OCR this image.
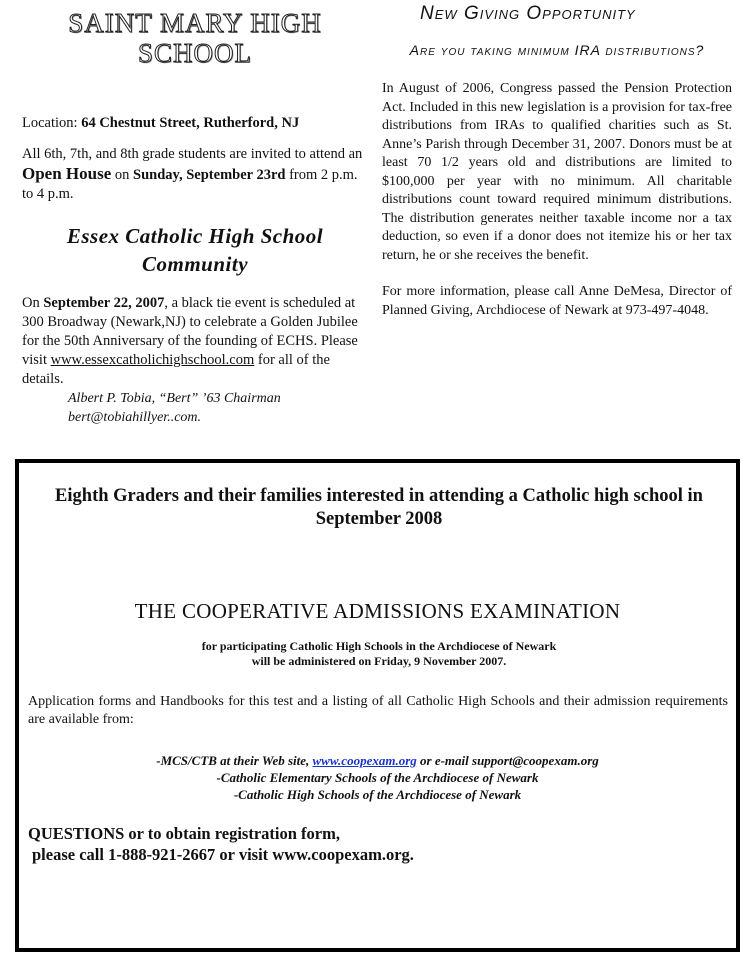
SAINT MARY HIGH
SCHOOL

Location: 64 Chestnut Street, Rutherford, NJ

All 6th, 7th, and 8th grade students are invited to attend an Open House on Sunday, September 23rd from 2 p.m. to 4 p.m.

Essex Catholic High School
Community

On September 22, 2007, a black tie event is scheduled at 300 Broadway (Newark,NJ) to celebrate a Golden Jubilee for the 50th Anniversary of the founding of ECHS. Please visit www.essexcatholichighschool.com for all of the details.

Albert P. Tobia, “Bert” ’63 Chairman
bert@tobiahillyer..com.
New Giving Opportunity
Are you taking minimum IRA distributions?

In August of 2006, Congress passed the Pension Protection Act. Included in this new legislation is a provision for tax-free distributions from IRAs to qualified charities such as St. Anne’s Parish through December 31, 2007. Donors must be at least 70 1/2 years old and distributions are limited to $100,000 per year with no minimum. All charitable distributions count toward required minimum distributions. The distribution generates neither taxable income nor a tax deduction, so even if a donor does not itemize his or her tax return, he or she receives the benefit.

For more information, please call Anne DeMesa, Director of Planned Giving, Archdiocese of Newark at 973-497-4048.

Eighth Graders and their families interested in attending a Catholic high school in September 2008
THE COOPERATIVE ADMISSIONS EXAMINATION
for participating Catholic High Schools in the Archdiocese of Newark
will be administered on Friday, 9 November 2007.

Application forms and Handbooks for this test and a listing of all Catholic High Schools and their admission requirements are available from:

-MCS/CTB at their Web site, www.coopexam.org or e-mail support@coopexam.org
-Catholic Elementary Schools of the Archdiocese of Newark
-Catholic High Schools of the Archdiocese of Newark
QUESTIONS or to obtain registration form,
please call 1-888-921-2667 or visit www.coopexam.org.
